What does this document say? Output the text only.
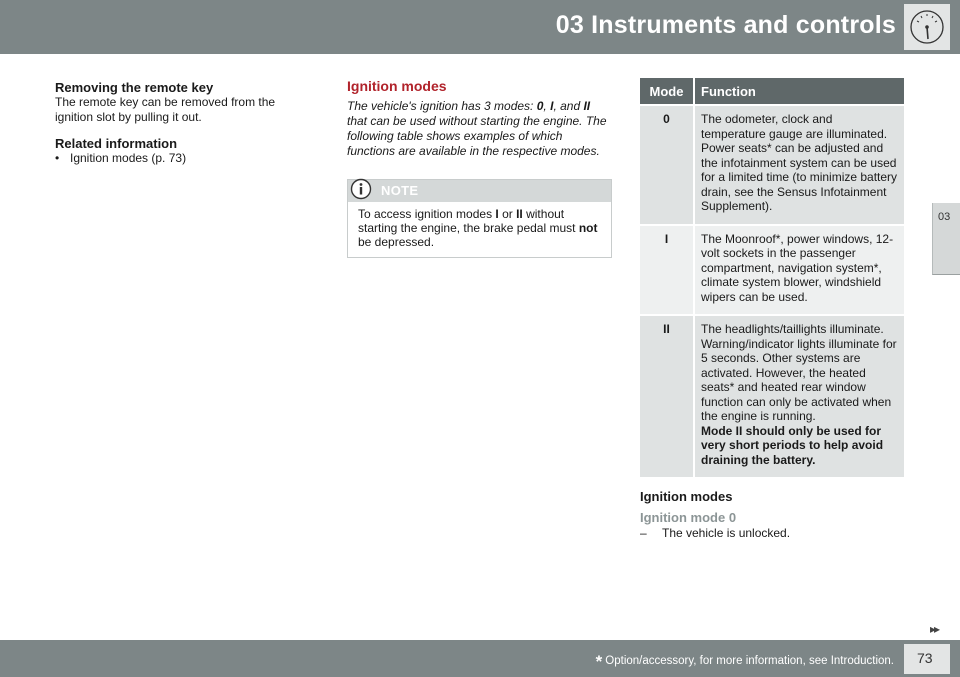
03 Instruments and controls
03
Removing the remote key
The remote key can be removed from the ignition slot by pulling it out.
Related information
• Ignition modes (p. 73)
Ignition modes
The vehicle's ignition has 3 modes: 0, I, and II that can be used without starting the engine. The following table shows examples of which functions are available in the respective modes.
NOTE
To access ignition modes I or II without starting the engine, the brake pedal must not be depressed.
Mode	Function
0	The odometer, clock and temperature gauge are illuminated. Power seats* can be adjusted and the infotainment system can be used for a limited time (to minimize battery drain, see the Sensus Infotainment Supplement).
I	The Moonroof*, power windows, 12-volt sockets in the passenger compartment, navigation system*, climate system blower, windshield wipers can be used.
II	The headlights/taillights illuminate. Warning/indicator lights illuminate for 5 seconds. Other systems are activated. However, the heated seats* and heated rear window function can only be activated when the engine is running.
Mode II should only be used for very short periods to help avoid draining the battery.
Ignition modes
Ignition mode 0
–	The vehicle is unlocked.
▸▸
* Option/accessory, for more information, see Introduction. 73
